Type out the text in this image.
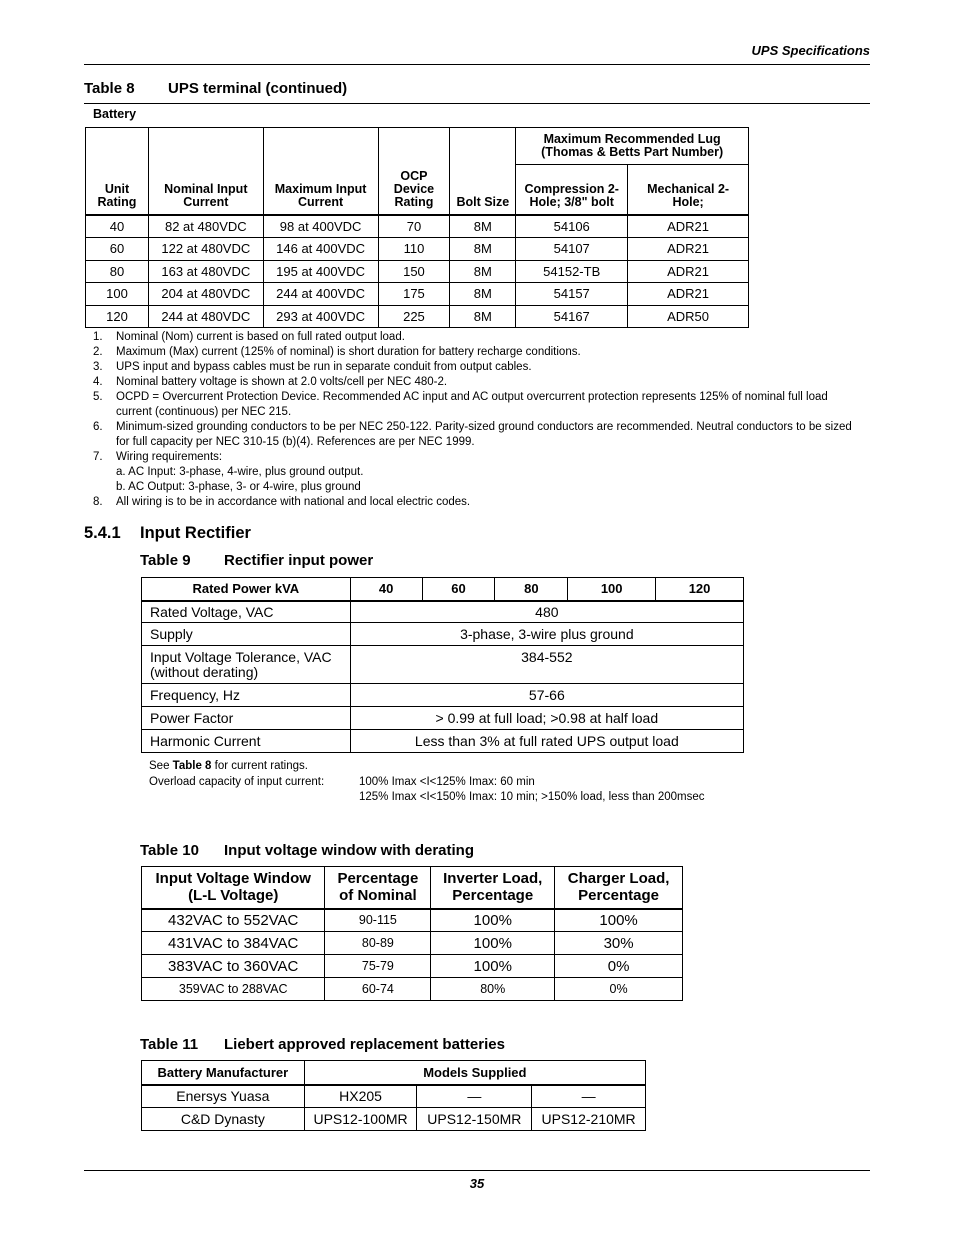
UPS Specifications
Table 8 UPS terminal (continued)
Battery
Unit Rating	Nominal Input Current	Maximum Input Current	OCP Device Rating	Bolt Size	Maximum Recommended Lug (Thomas & Betts Part Number)	
					Compression 2-Hole; 3/8" bolt	Mechanical 2-Hole;
40	82 at 480VDC	98 at 400VDC	70	8M	54106	ADR21
60	122 at 480VDC	146 at 400VDC	110	8M	54107	ADR21
80	163 at 480VDC	195 at 400VDC	150	8M	54152-TB	ADR21
100	204 at 480VDC	244 at 400VDC	175	8M	54157	ADR21
120	244 at 480VDC	293 at 400VDC	225	8M	54167	ADR50
1.	Nominal (Nom) current is based on full rated output load.
2.	Maximum (Max) current (125% of nominal) is short duration for battery recharge conditions.
3.	UPS input and bypass cables must be run in separate conduit from output cables.
4.	Nominal battery voltage is shown at 2.0 volts/cell per NEC 480-2.
5.	OCPD = Overcurrent Protection Device. Recommended AC input and AC output overcurrent protection represents 125% of nominal full load current (continuous) per NEC 215.
6.	Minimum-sized grounding conductors to be per NEC 250-122. Parity-sized ground conductors are recommended. Neutral conductors to be sized for full capacity per NEC 310-15 (b)(4). References are per NEC 1999.
7.	Wiring requirements:
a. AC Input: 3-phase, 4-wire, plus ground output.
b. AC Output: 3-phase, 3- or 4-wire, plus ground
8.	All wiring is to be in accordance with national and local electric codes.
5.4.1 Input Rectifier
Table 9 Rectifier input power
Rated Power kVA	40	60	80	100	120
Rated Voltage, VAC	480				
Supply	3-phase, 3-wire plus ground				
Input Voltage Tolerance, VAC (without derating)	384-552				
Frequency, Hz	57-66				
Power Factor	> 0.99 at full load; >0.98 at half load				
Harmonic Current	Less than 3% at full rated UPS output load				
See Table 8 for current ratings.
Overload capacity of input current:	100% Imax <I<125% Imax: 60 min
125% Imax <I<150% Imax: 10 min; >150% load, less than 200msec
Table 10 Input voltage window with derating
Input Voltage Window (L-L Voltage)	Percentage of Nominal	Inverter Load, Percentage	Charger Load, Percentage
432VAC to 552VAC	90-115	100%	100%
431VAC to 384VAC	80-89	100%	30%
383VAC to 360VAC	75-79	100%	0%
359VAC to 288VAC	60-74	80%	0%
Table 11 Liebert approved replacement batteries
Battery Manufacturer	Models Supplied		
Enersys Yuasa	HX205	—	—
C&D Dynasty	UPS12-100MR	UPS12-150MR	UPS12-210MR
35
